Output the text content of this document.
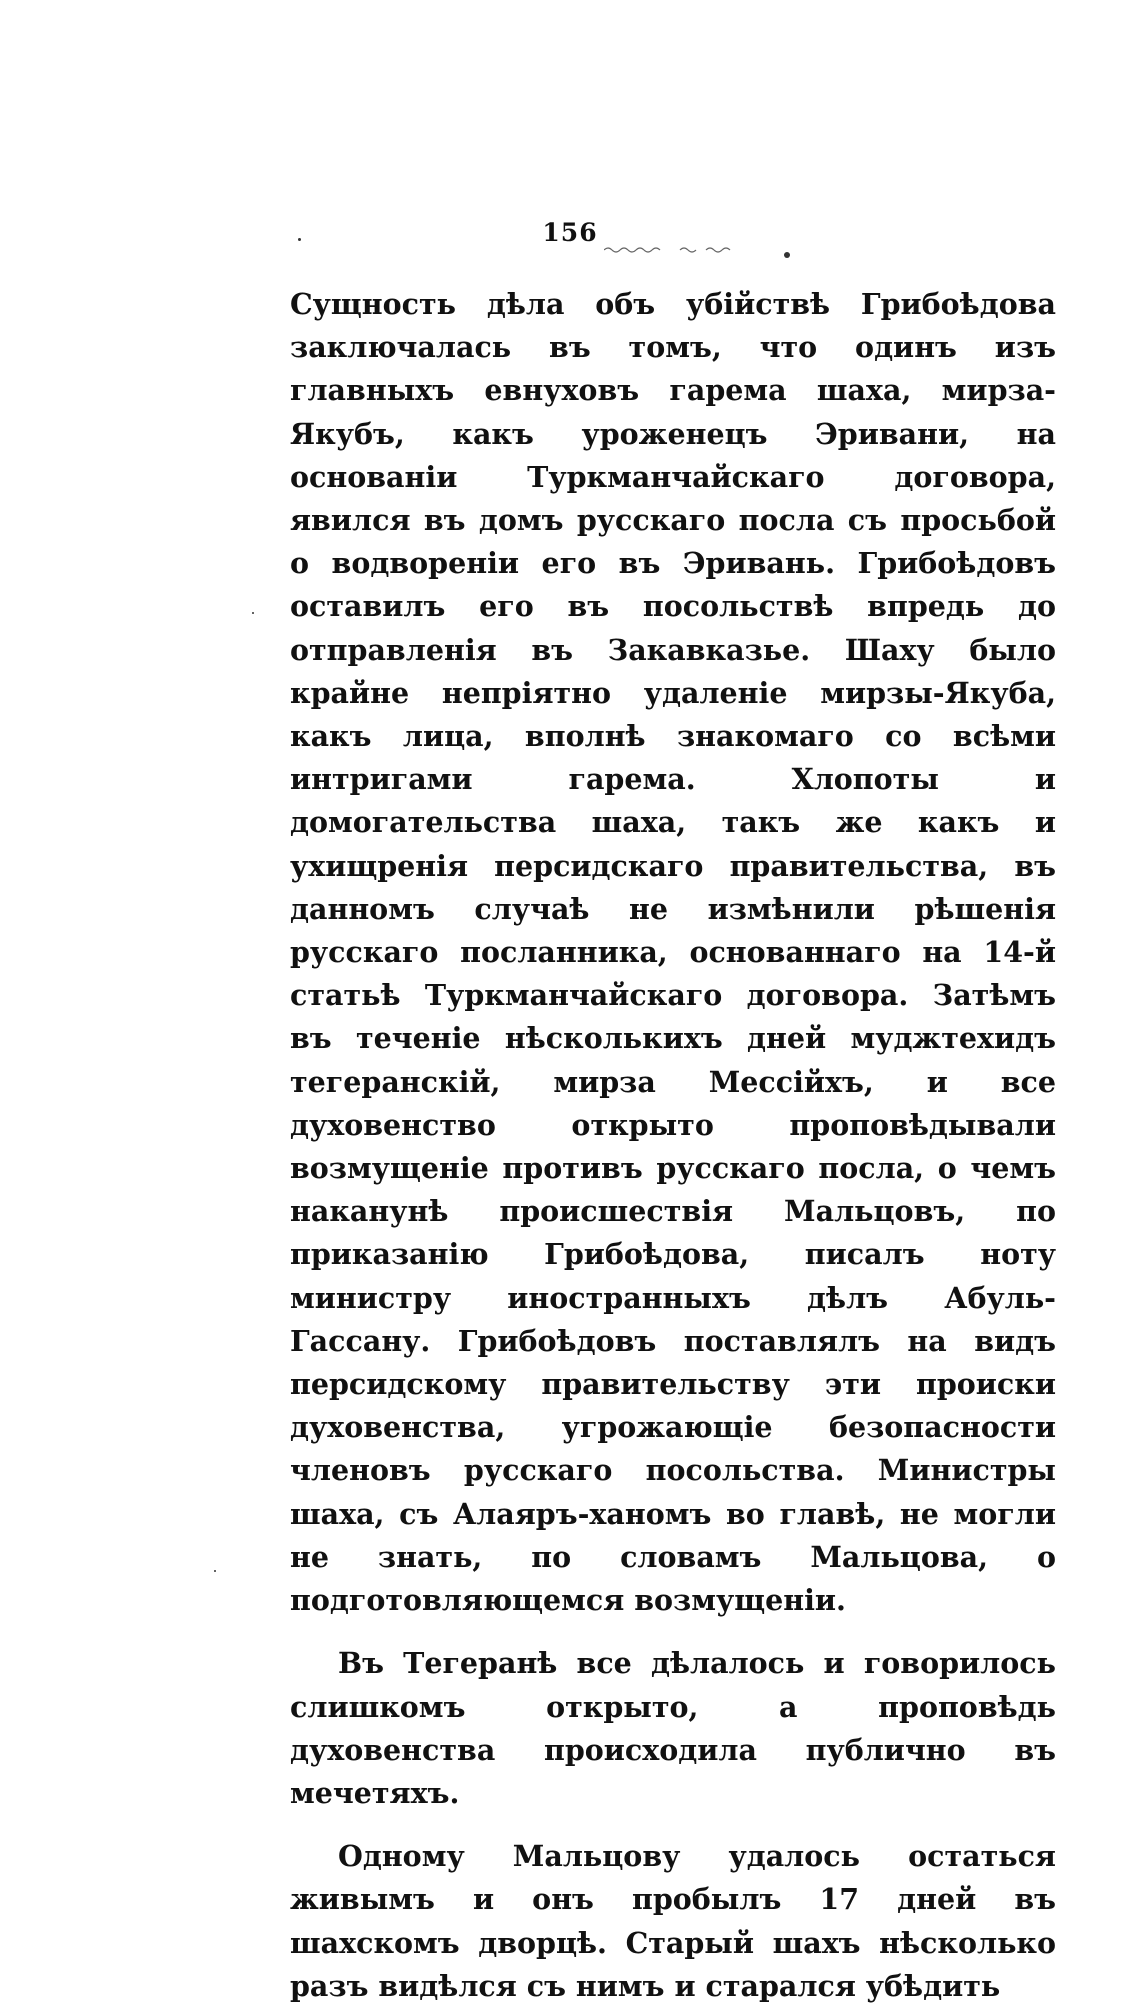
156

Сущность дѣла объ убійствѣ Грибоѣдова заключалась въ томъ, что одинъ изъ главныхъ евнуховъ гарема шаха, мирза-Якубъ, какъ уроженецъ Эривани, на основаніи Туркманчайскаго договора, явился въ домъ русскаго посла съ просьбой о водвореніи его въ Эривань. Грибоѣдовъ оставилъ его въ посольствѣ впредь до отправленія въ Закавказье. Шаху было крайне непріятно удаленіе мирзы-Якуба, какъ лица, вполнѣ знакомаго со всѣми интригами гарема. Хлопоты и домогательства шаха, такъ же какъ и ухищренія персидскаго правительства, въ данномъ случаѣ не измѣнили рѣшенія русскаго посланника, основаннаго на 14-й статьѣ Туркманчайскаго договора. Затѣмъ въ теченіе нѣсколькихъ дней муджтехидъ тегеранскій, мирза Мессійхъ, и все духовенство открыто проповѣдывали возмущеніе противъ русскаго посла, о чемъ наканунѣ происшествія Мальцовъ, по приказанію Грибоѣдова, писалъ ноту министру иностранныхъ дѣлъ Абуль-Гассану. Грибоѣдовъ поставлялъ на видъ персидскому правительству эти происки духовенства, угрожающіе безопасности членовъ русскаго посольства. Министры шаха, съ Алаяръ-ханомъ во главѣ, не могли не знать, по словамъ Мальцова, о подготовляющемся возмущеніи.

Въ Тегеранѣ все дѣлалось и говорилось слишкомъ открыто, а проповѣдь духовенства происходила публично въ мечетяхъ.

Одному Мальцову удалось остаться живымъ и онъ пробылъ 17 дней въ шахскомъ дворцѣ. Старый шахъ нѣсколько разъ видѣлся съ нимъ и старался убѣдить
